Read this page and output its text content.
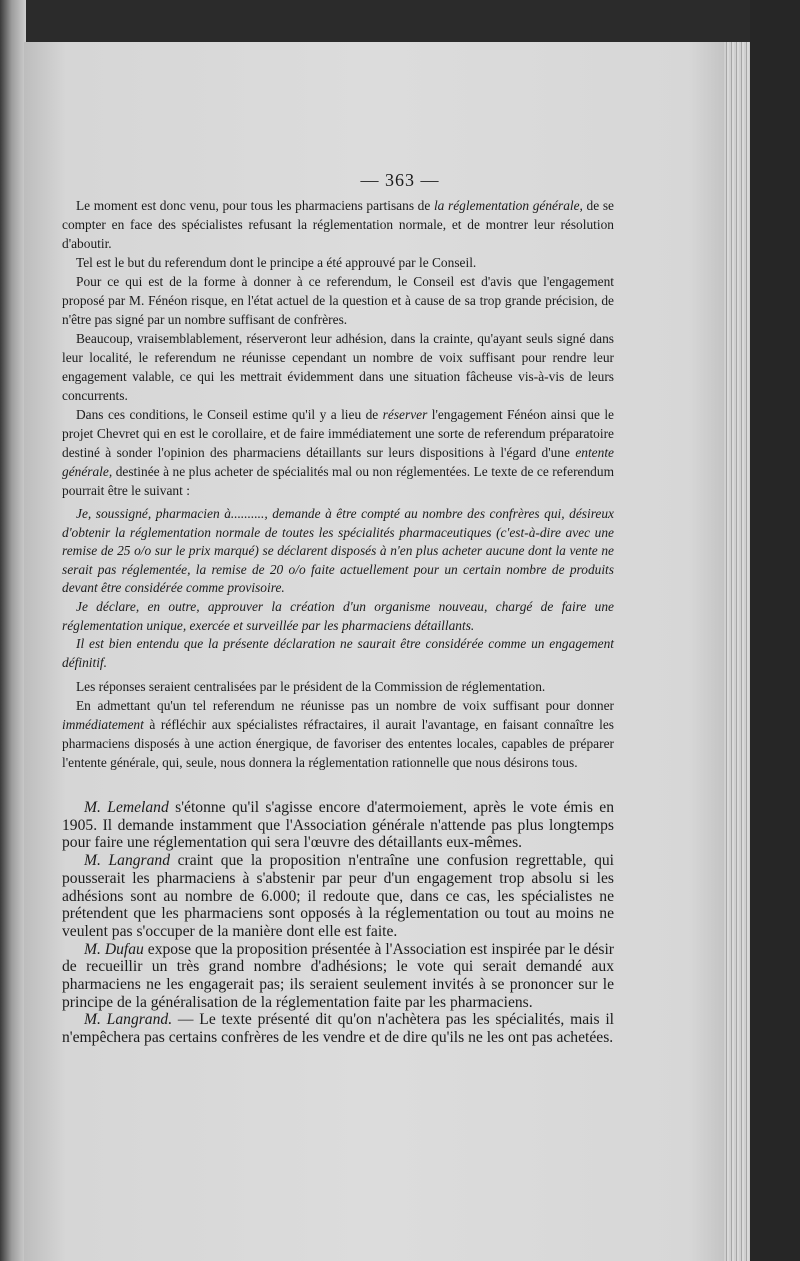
— 363 —

Le moment est donc venu, pour tous les pharmaciens partisans de la réglementation générale, de se compter en face des spécialistes refusant la réglementation normale, et de montrer leur résolution d'aboutir.

Tel est le but du referendum dont le principe a été approuvé par le Conseil.

Pour ce qui est de la forme à donner à ce referendum, le Conseil est d'avis que l'engagement proposé par M. Fénéon risque, en l'état actuel de la question et à cause de sa trop grande précision, de n'être pas signé par un nombre suffisant de confrères.

Beaucoup, vraisemblablement, réserveront leur adhésion, dans la crainte, qu'ayant seuls signé dans leur localité, le referendum ne réunisse cependant un nombre de voix suffisant pour rendre leur engagement valable, ce qui les mettrait évidemment dans une situation fâcheuse vis-à-vis de leurs concurrents.

Dans ces conditions, le Conseil estime qu'il y a lieu de réserver l'engagement Fénéon ainsi que le projet Chevret qui en est le corollaire, et de faire immédiatement une sorte de referendum préparatoire destiné à sonder l'opinion des pharmaciens détaillants sur leurs dispositions à l'égard d'une entente générale, destinée à ne plus acheter de spécialités mal ou non réglementées. Le texte de ce referendum pourrait être le suivant :

Je, soussigné, pharmacien à.........., demande à être compté au nombre des confrères qui, désireux d'obtenir la réglementation normale de toutes les spécialités pharmaceutiques (c'est-à-dire avec une remise de 25 o/o sur le prix marqué) se déclarent disposés à n'en plus acheter aucune dont la vente ne serait pas réglementée, la remise de 20 o/o faite actuellement pour un certain nombre de produits devant être considérée comme provisoire.

Je déclare, en outre, approuver la création d'un organisme nouveau, chargé de faire une réglementation unique, exercée et surveillée par les pharmaciens détaillants.

Il est bien entendu que la présente déclaration ne saurait être considérée comme un engagement définitif.

Les réponses seraient centralisées par le président de la Commission de réglementation.

En admettant qu'un tel referendum ne réunisse pas un nombre de voix suffisant pour donner immédiatement à réfléchir aux spécialistes réfractaires, il aurait l'avantage, en faisant connaître les pharmaciens disposés à une action énergique, de favoriser des ententes locales, capables de préparer l'entente générale, qui, seule, nous donnera la réglementation rationnelle que nous désirons tous.

M. Lemeland s'étonne qu'il s'agisse encore d'atermoiement, après le vote émis en 1905. Il demande instamment que l'Association générale n'attende pas plus longtemps pour faire une réglementation qui sera l'œuvre des détaillants eux-mêmes.

M. Langrand craint que la proposition n'entraîne une confusion regrettable, qui pousserait les pharmaciens à s'abstenir par peur d'un engagement trop absolu si les adhésions sont au nombre de 6.000; il redoute que, dans ce cas, les spécialistes ne prétendent que les pharmaciens sont opposés à la réglementation ou tout au moins ne veulent pas s'occuper de la manière dont elle est faite.

M. Dufau expose que la proposition présentée à l'Association est inspirée par le désir de recueillir un très grand nombre d'adhésions; le vote qui serait demandé aux pharmaciens ne les engagerait pas; ils seraient seulement invités à se prononcer sur le principe de la généralisation de la réglementation faite par les pharmaciens.

M. Langrand. — Le texte présenté dit qu'on n'achètera pas les spécialités, mais il n'empêchera pas certains confrères de les vendre et de dire qu'ils ne les ont pas achetées.
